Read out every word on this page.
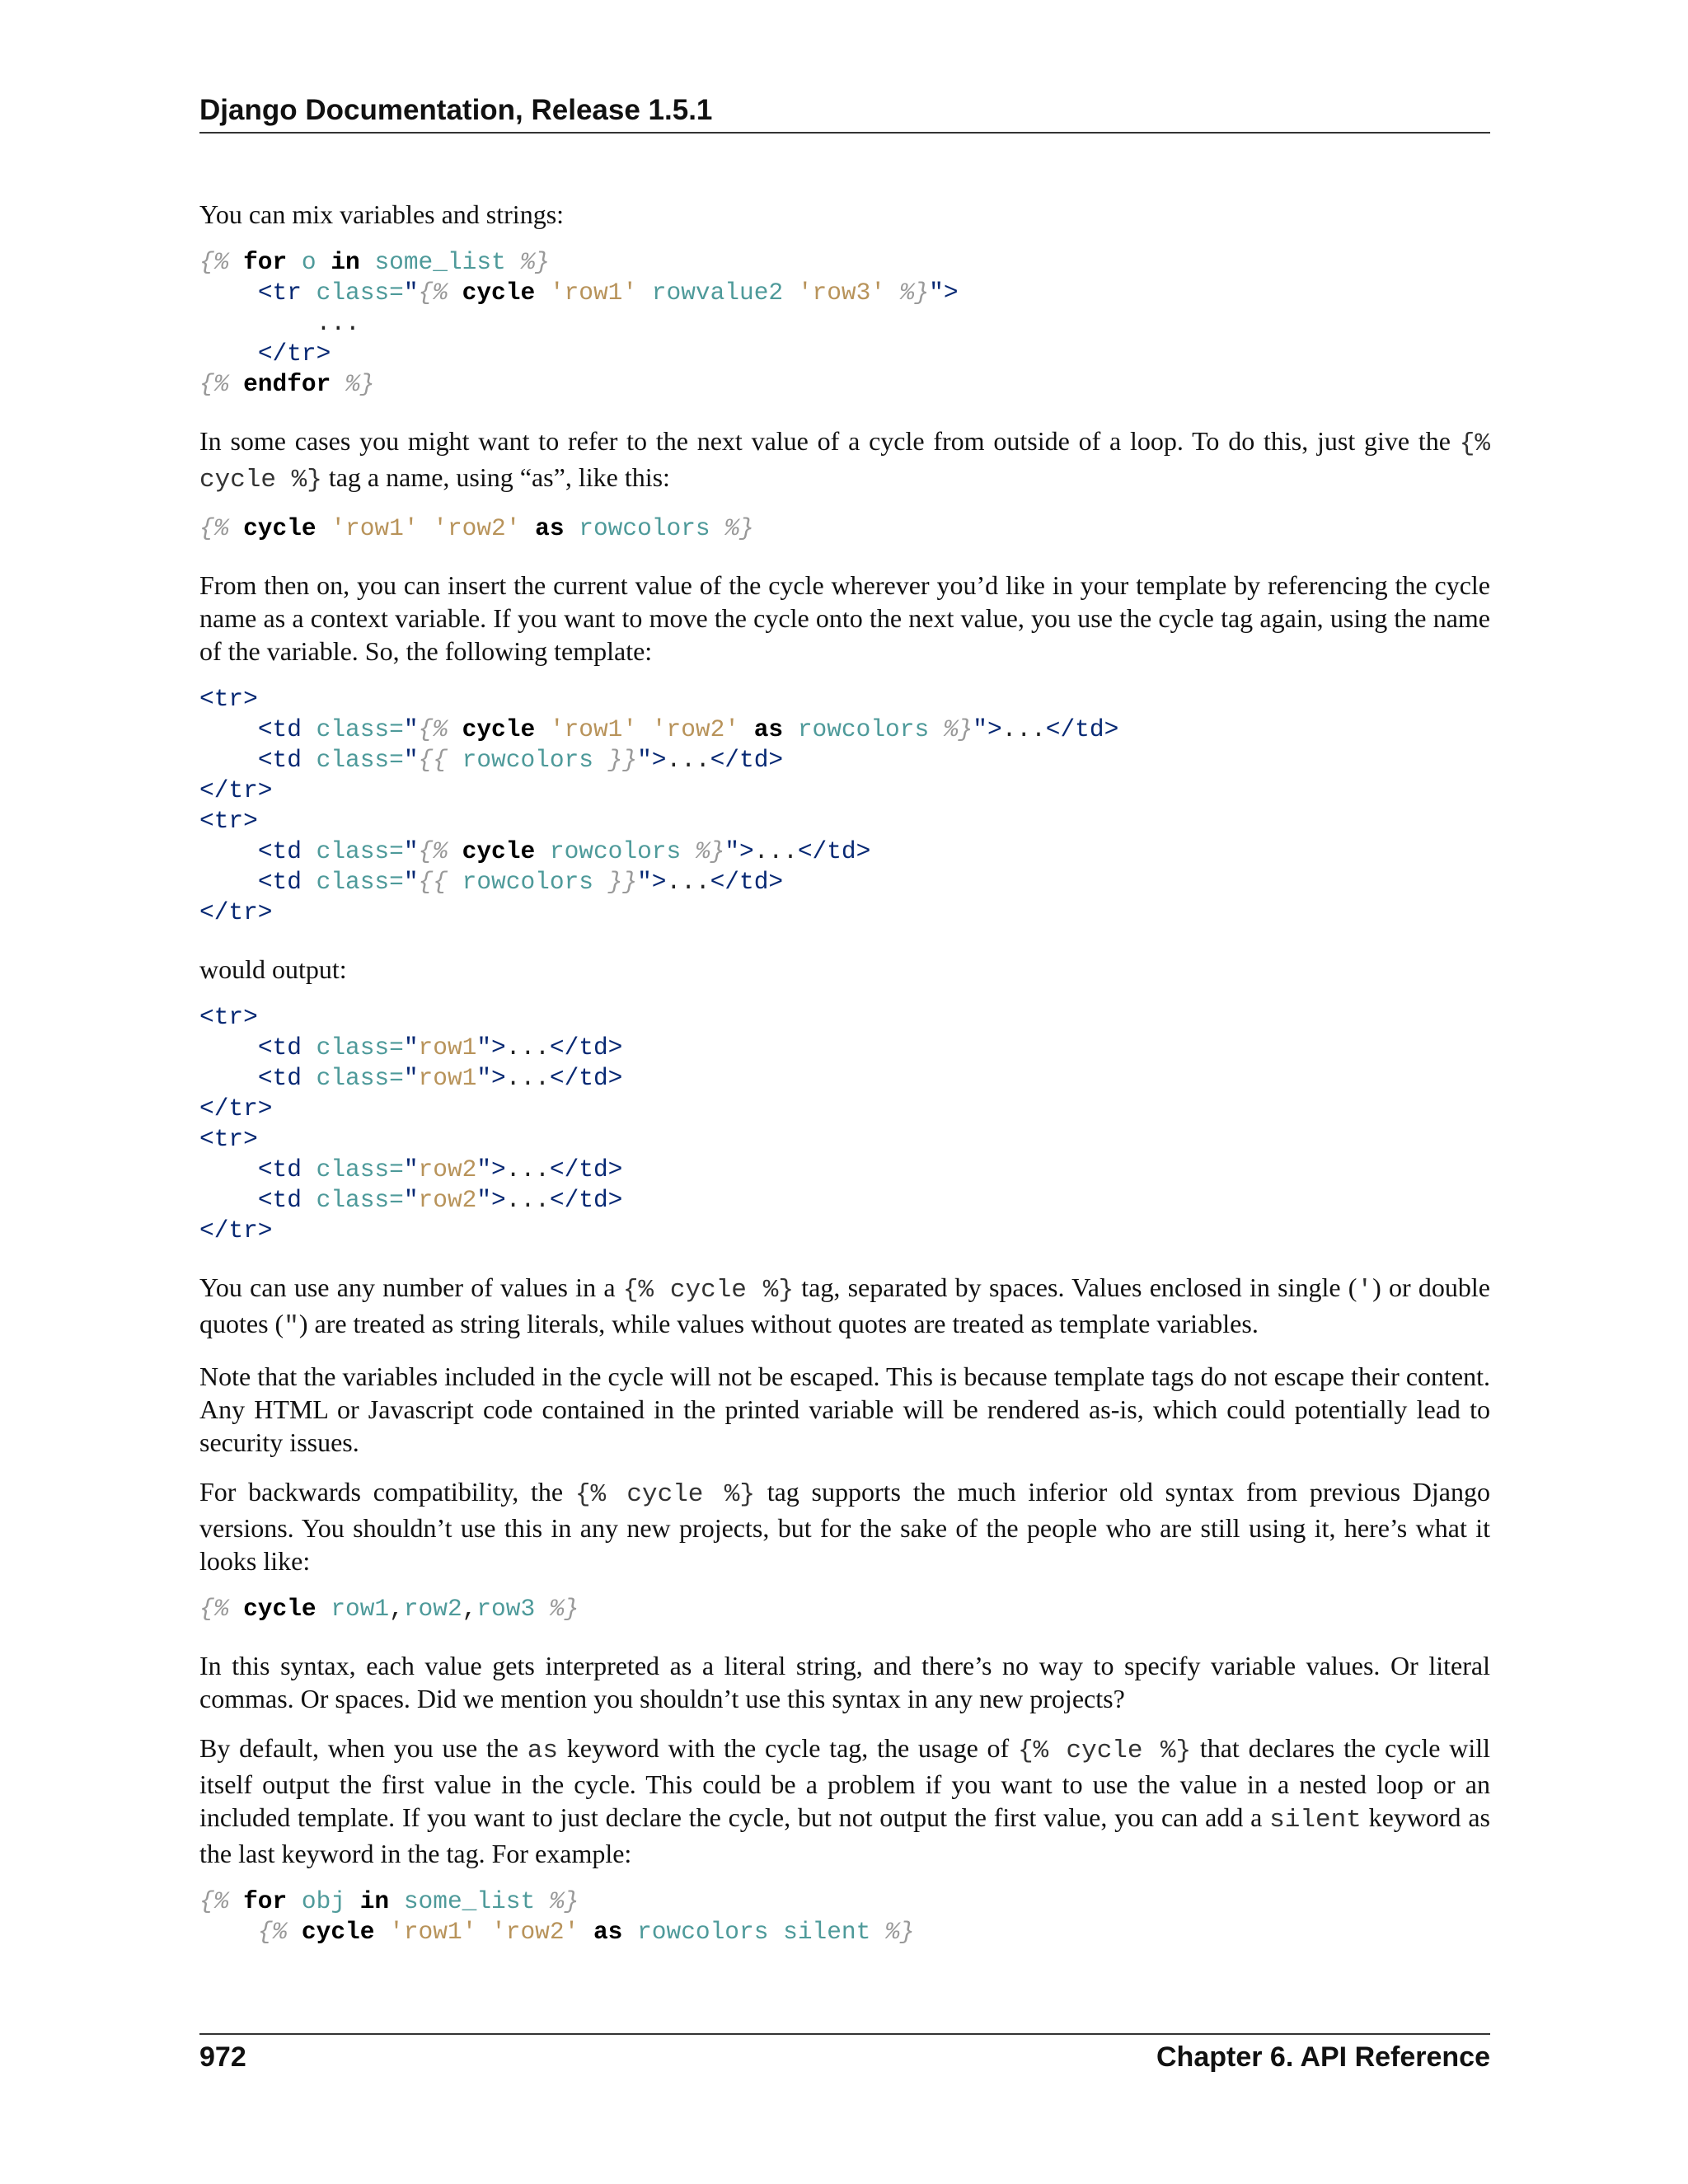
Django Documentation, Release 1.5.1

You can mix variables and strings:

{% for o in some_list %}
<tr class="{% cycle 'row1' rowvalue2 'row3' %}">
...
</tr>
{% endfor %}

In some cases you might want to refer to the next value of a cycle from outside of a loop. To do this, just give the {% cycle %} tag a name, using “as”, like this:

{% cycle 'row1' 'row2' as rowcolors %}

From then on, you can insert the current value of the cycle wherever you’d like in your template by referencing the cycle name as a context variable. If you want to move the cycle onto the next value, you use the cycle tag again, using the name of the variable. So, the following template:

<tr>
<td class="{% cycle 'row1' 'row2' as rowcolors %}">...</td>
<td class="{{ rowcolors }}">...</td>
</tr>
<tr>
<td class="{% cycle rowcolors %}">...</td>
<td class="{{ rowcolors }}">...</td>
</tr>

would output:

<tr>
<td class="row1">...</td>
<td class="row1">...</td>
</tr>
<tr>
<td class="row2">...</td>
<td class="row2">...</td>
</tr>

You can use any number of values in a {% cycle %} tag, separated by spaces. Values enclosed in single (') or double quotes (") are treated as string literals, while values without quotes are treated as template variables.

Note that the variables included in the cycle will not be escaped. This is because template tags do not escape their content. Any HTML or Javascript code contained in the printed variable will be rendered as-is, which could potentially lead to security issues.

For backwards compatibility, the {% cycle %} tag supports the much inferior old syntax from previous Django versions. You shouldn’t use this in any new projects, but for the sake of the people who are still using it, here’s what it looks like:

{% cycle row1,row2,row3 %}

In this syntax, each value gets interpreted as a literal string, and there’s no way to specify variable values. Or literal commas. Or spaces. Did we mention you shouldn’t use this syntax in any new projects?

By default, when you use the as keyword with the cycle tag, the usage of {% cycle %} that declares the cycle will itself output the first value in the cycle. This could be a problem if you want to use the value in a nested loop or an included template. If you want to just declare the cycle, but not output the first value, you can add a silent keyword as the last keyword in the tag. For example:

{% for obj in some_list %}
{% cycle 'row1' 'row2' as rowcolors silent %}
972	Chapter 6. API Reference
